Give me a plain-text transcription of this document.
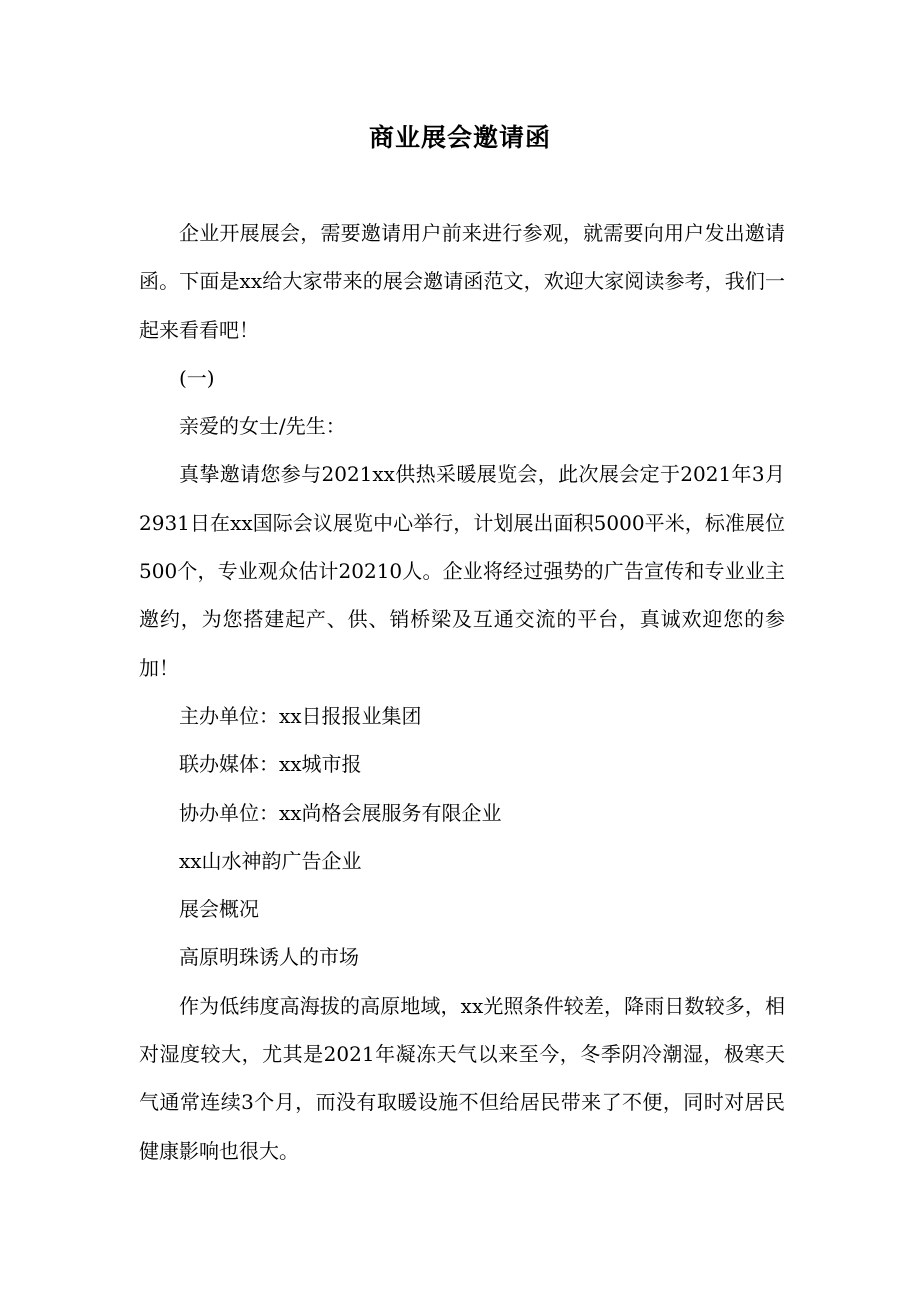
商业展会邀请函

企业开展展会，需要邀请用户前来进行参观，就需要向用户发出邀请函。下面是xx给大家带来的展会邀请函范文，欢迎大家阅读参考，我们一起来看看吧！

(一)

亲爱的女士/先生：

真挚邀请您参与2021xx供热采暖展览会，此次展会定于2021年3月2931日在xx国际会议展览中心举行，计划展出面积5000平米，标准展位500个，专业观众估计20210人。企业将经过强势的广告宣传和专业业主邀约，为您搭建起产、供、销桥梁及互通交流的平台，真诚欢迎您的参加！

主办单位：xx日报报业集团

联办媒体：xx城市报

协办单位：xx尚格会展服务有限企业

xx山水神韵广告企业

展会概况

高原明珠诱人的市场

作为低纬度高海拔的高原地域，xx光照条件较差，降雨日数较多，相对湿度较大，尤其是2021年凝冻天气以来至今，冬季阴冷潮湿，极寒天气通常连续3个月，而没有取暖设施不但给居民带来了不便，同时对居民健康影响也很大。
